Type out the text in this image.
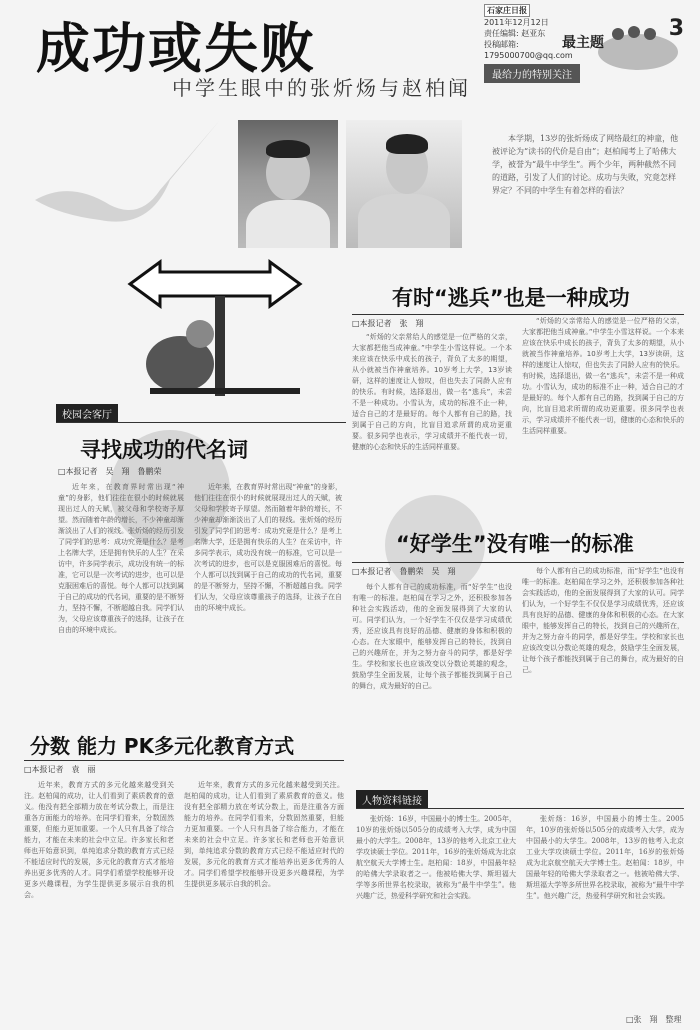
成功或失败
中学生眼中的张炘炀与赵柏闻
石家庄日报
2011年12月12日
责任编辑: 赵亚东
投稿邮箱: 1795000700@qq.com
最主题
3
最给力的特别关注
本学期，13岁的张炘炀成了网络最红的神童，他被评论为“读书的代价是自由”；赵柏闻考上了哈佛大学，被誉为“最牛中学生”。两个少年，两种截然不同的道路，引发了人们的讨论。成功与失败，究竟怎样界定？不同的中学生有着怎样的看法？
有时“逃兵”也是一种成功
□本报记者　张　翔
“炘炀的父亲常给人的感觉是一位严格的父亲，大家都把他当成神童。”中学生小雪这样说。一个本来应该在快乐中成长的孩子，背负了太多的期望，从小就被当作神童培养。10岁考上大学，13岁读研，这样的速度让人惊叹，但也失去了同龄人应有的快乐。有时候，选择退出，做一名“逃兵”，未尝不是一种成功。小雪认为，成功的标准不止一种，适合自己的才是最好的。每个人都有自己的路，找到属于自己的方向，比盲目追求所谓的成功更重要。很多同学也表示，学习成绩并不能代表一切，健康的心态和快乐的生活同样重要。
“炘炀的父亲常给人的感觉是一位严格的父亲，大家都把他当成神童。”中学生小雪这样说。一个本来应该在快乐中成长的孩子，背负了太多的期望，从小就被当作神童培养。10岁考上大学，13岁读研，这样的速度让人惊叹，但也失去了同龄人应有的快乐。有时候，选择退出，做一名“逃兵”，未尝不是一种成功。小雪认为，成功的标准不止一种，适合自己的才是最好的。每个人都有自己的路，找到属于自己的方向，比盲目追求所谓的成功更重要。很多同学也表示，学习成绩并不能代表一切，健康的心态和快乐的生活同样重要。
校园会客厅
寻找成功的代名词
□本报记者　吴　翔　鲁鹏荣
近年来，在教育界时常出现“神童”的身影，他们往往在很小的时候就展现出过人的天赋，被父母和学校寄予厚望。然而随着年龄的增长，不少神童却渐渐淡出了人们的视线。张炘炀的经历引发了同学们的思考：成功究竟是什么？是考上名牌大学，还是拥有快乐的人生？在采访中，许多同学表示，成功没有统一的标准，它可以是一次考试的进步，也可以是克服困难后的喜悦。每个人都可以找到属于自己的成功的代名词，重要的是不断努力，坚持不懈，不断超越自我。同学们认为，父母应该尊重孩子的选择，让孩子在自由的环境中成长。
近年来，在教育界时常出现“神童”的身影，他们往往在很小的时候就展现出过人的天赋，被父母和学校寄予厚望。然而随着年龄的增长，不少神童却渐渐淡出了人们的视线。张炘炀的经历引发了同学们的思考：成功究竟是什么？是考上名牌大学，还是拥有快乐的人生？在采访中，许多同学表示，成功没有统一的标准，它可以是一次考试的进步，也可以是克服困难后的喜悦。每个人都可以找到属于自己的成功的代名词，重要的是不断努力，坚持不懈，不断超越自我。同学们认为，父母应该尊重孩子的选择，让孩子在自由的环境中成长。
“好学生”没有唯一的标准
□本报记者　鲁鹏荣　吴　翔
每个人都有自己的成功标准，而“好学生”也没有唯一的标准。赵柏闻在学习之外，还积极参加各种社会实践活动，他的全面发展得到了大家的认可。同学们认为，一个好学生不仅仅是学习成绩优秀，还应该具有良好的品德、健康的身体和积极的心态。在大家眼中，能够发挥自己的特长，找到自己的兴趣所在，并为之努力奋斗的同学，都是好学生。学校和家长也应该改变以分数论英雄的观念，鼓励学生全面发展，让每个孩子都能找到属于自己的舞台，成为最好的自己。
每个人都有自己的成功标准，而“好学生”也没有唯一的标准。赵柏闻在学习之外，还积极参加各种社会实践活动，他的全面发展得到了大家的认可。同学们认为，一个好学生不仅仅是学习成绩优秀，还应该具有良好的品德、健康的身体和积极的心态。在大家眼中，能够发挥自己的特长，找到自己的兴趣所在，并为之努力奋斗的同学，都是好学生。学校和家长也应该改变以分数论英雄的观念，鼓励学生全面发展，让每个孩子都能找到属于自己的舞台，成为最好的自己。
分数 能力 PK多元化教育方式
□本报记者　袁　丽
近年来，教育方式的多元化越来越受到关注。赵柏闻的成功，让人们看到了素质教育的意义。他没有把全部精力放在考试分数上，而是注重各方面能力的培养。在同学们看来，分数固然重要，但能力更加重要。一个人只有具备了综合能力，才能在未来的社会中立足。许多家长和老师也开始意识到，单纯追求分数的教育方式已经不能适应时代的发展，多元化的教育方式才能培养出更多优秀的人才。同学们希望学校能够开设更多兴趣课程，为学生提供更多展示自我的机会。
近年来，教育方式的多元化越来越受到关注。赵柏闻的成功，让人们看到了素质教育的意义。他没有把全部精力放在考试分数上，而是注重各方面能力的培养。在同学们看来，分数固然重要，但能力更加重要。一个人只有具备了综合能力，才能在未来的社会中立足。许多家长和老师也开始意识到，单纯追求分数的教育方式已经不能适应时代的发展，多元化的教育方式才能培养出更多优秀的人才。同学们希望学校能够开设更多兴趣课程，为学生提供更多展示自我的机会。
人物资料链接
张炘炀：16岁，中国最小的博士生。2005年，10岁的张炘炀以505分的成绩考入大学，成为中国最小的大学生。2008年，13岁的他考入北京工业大学攻读硕士学位。2011年，16岁的张炘炀成为北京航空航天大学博士生。赵柏闻：18岁，中国最年轻的哈佛大学录取者之一。他被哈佛大学、斯坦福大学等多所世界名校录取，被称为“最牛中学生”。他兴趣广泛，热爱科学研究和社会实践。
张炘炀：16岁，中国最小的博士生。2005年，10岁的张炘炀以505分的成绩考入大学，成为中国最小的大学生。2008年，13岁的他考入北京工业大学攻读硕士学位。2011年，16岁的张炘炀成为北京航空航天大学博士生。赵柏闻：18岁，中国最年轻的哈佛大学录取者之一。他被哈佛大学、斯坦福大学等多所世界名校录取，被称为“最牛中学生”。他兴趣广泛，热爱科学研究和社会实践。
□张　翔　整理
